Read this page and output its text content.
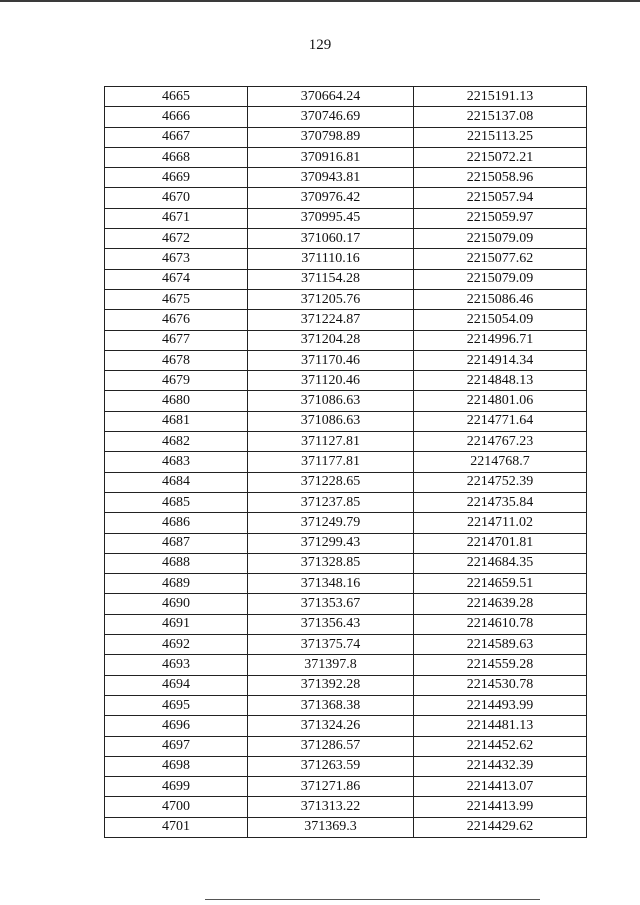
129
4665	370664.24	2215191.13
4666	370746.69	2215137.08
4667	370798.89	2215113.25
4668	370916.81	2215072.21
4669	370943.81	2215058.96
4670	370976.42	2215057.94
4671	370995.45	2215059.97
4672	371060.17	2215079.09
4673	371110.16	2215077.62
4674	371154.28	2215079.09
4675	371205.76	2215086.46
4676	371224.87	2215054.09
4677	371204.28	2214996.71
4678	371170.46	2214914.34
4679	371120.46	2214848.13
4680	371086.63	2214801.06
4681	371086.63	2214771.64
4682	371127.81	2214767.23
4683	371177.81	2214768.7
4684	371228.65	2214752.39
4685	371237.85	2214735.84
4686	371249.79	2214711.02
4687	371299.43	2214701.81
4688	371328.85	2214684.35
4689	371348.16	2214659.51
4690	371353.67	2214639.28
4691	371356.43	2214610.78
4692	371375.74	2214589.63
4693	371397.8	2214559.28
4694	371392.28	2214530.78
4695	371368.38	2214493.99
4696	371324.26	2214481.13
4697	371286.57	2214452.62
4698	371263.59	2214432.39
4699	371271.86	2214413.07
4700	371313.22	2214413.99
4701	371369.3	2214429.62
